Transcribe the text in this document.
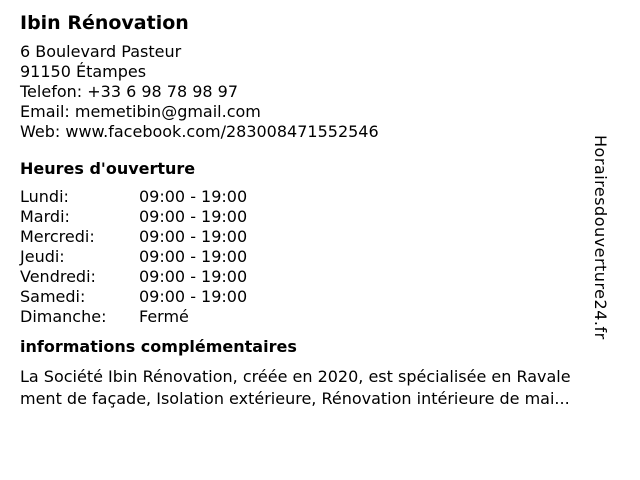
Ibin Rénovation
6 Boulevard Pasteur
91150 Étampes
Telefon: +33 6 98 78 98 97
Email: memetibin@gmail.com
Web: www.facebook.com/283008471552546
Heures d'ouverture
Lundi:	09:00 - 19:00
Mardi:	09:00 - 19:00
Mercredi:	09:00 - 19:00
Jeudi:	09:00 - 19:00
Vendredi:	09:00 - 19:00
Samedi:	09:00 - 19:00
Dimanche:	Fermé
informations complémentaires
La Société Ibin Rénovation, créée en 2020, est spécialisée en Ravale
ment de façade, Isolation extérieure, Rénovation intérieure de mai...
Horairesdouverture24.fr
